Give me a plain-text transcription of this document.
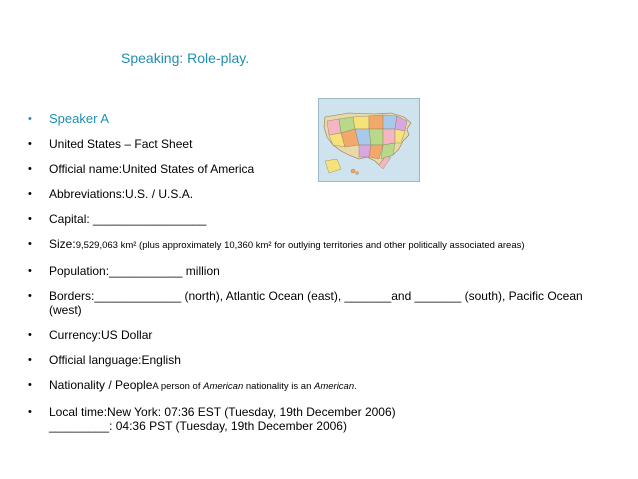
Speaking: Role-play.
• Speaker A
• United States – Fact Sheet
• Official name:United States of America
• Abbreviations:U.S. / U.S.A.
• Capital: _________________
• Size:9,529,063 km² (plus approximately 10,360 km² for outlying territories and other politically associated areas)
• Population:___________ million
• Borders:_____________ (north), Atlantic Ocean (east), _______and _______ (south), Pacific Ocean
(west)
• Currency:US Dollar
• Official language:English
• Nationality / PeopleA person of American nationality is an American.
• Local time:New York: 07:36 EST (Tuesday, 19th December 2006)
_________: 04:36 PST (Tuesday, 19th December 2006)
